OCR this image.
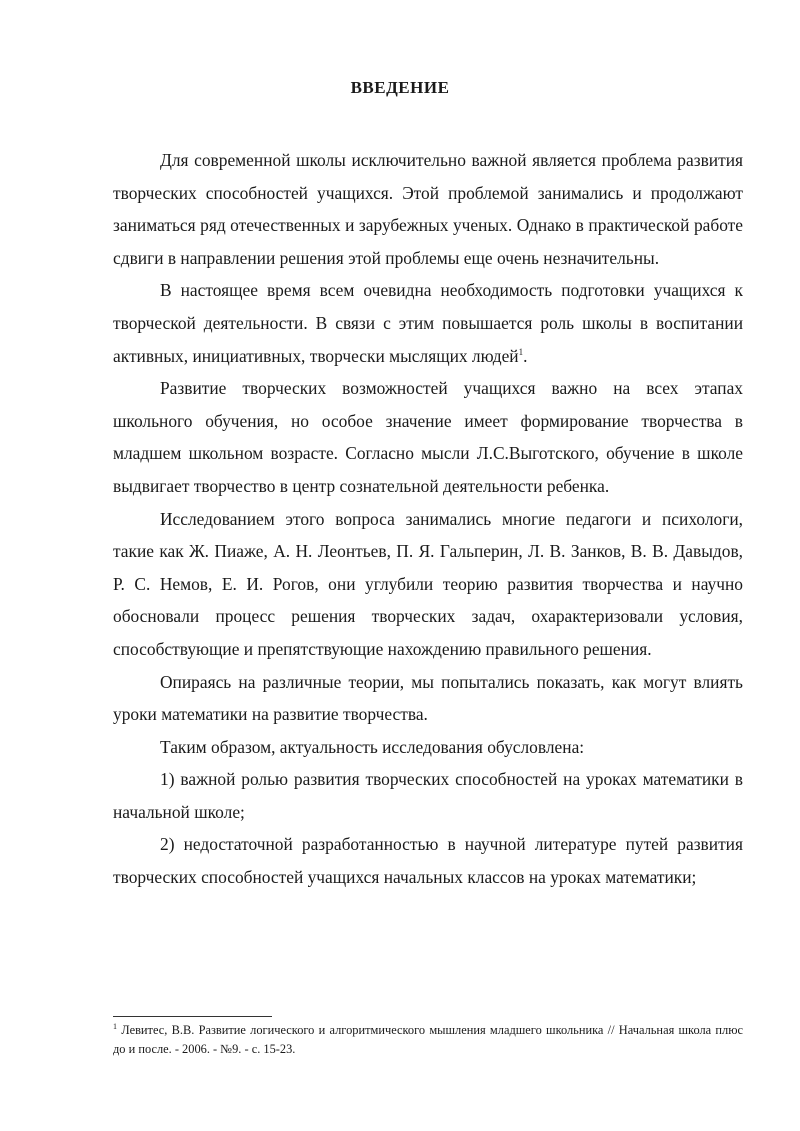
ВВЕДЕНИЕ

Для современной школы исключительно важной является проблема развития творческих способностей учащихся. Этой проблемой занимались и продолжают заниматься ряд отечественных и зарубежных ученых. Однако в практической работе сдвиги в направлении решения этой проблемы еще очень незначительны.

В настоящее время всем очевидна необходимость подготовки учащихся к творческой деятельности. В связи с этим повышается роль школы в воспитании активных, инициативных, творчески мыслящих людей$^1$.

Развитие творческих возможностей учащихся важно на всех этапах школьного обучения, но особое значение имеет формирование творчества в младшем школьном возрасте. Согласно мысли Л.С.Выготского, обучение в школе выдвигает творчество в центр сознательной деятельности ребенка.

Исследованием этого вопроса занимались многие педагоги и психологи, такие как Ж. Пиаже, А. Н. Леонтьев, П. Я. Гальперин, Л. В. Занков, В. В. Давыдов, Р. С. Немов, Е. И. Рогов, они углубили теорию развития творчества и научно обосновали процесс решения творческих задач, охарактеризовали условия, способствующие и препятствующие нахождению правильного решения.

Опираясь на различные теории, мы попытались показать, как могут влиять уроки математики на развитие творчества.

Таким образом, актуальность исследования обусловлена:

1) важной ролью развития творческих способностей на уроках математики в начальной школе;

2) недостаточной разработанностью в научной литературе путей развития творческих способностей учащихся начальных классов на уроках математики;

$^1$ Левитес, В.В. Развитие логического и алгоритмического мышления младшего школьника // Начальная школа плюс до и после. - 2006. - №9. - с. 15-23.
